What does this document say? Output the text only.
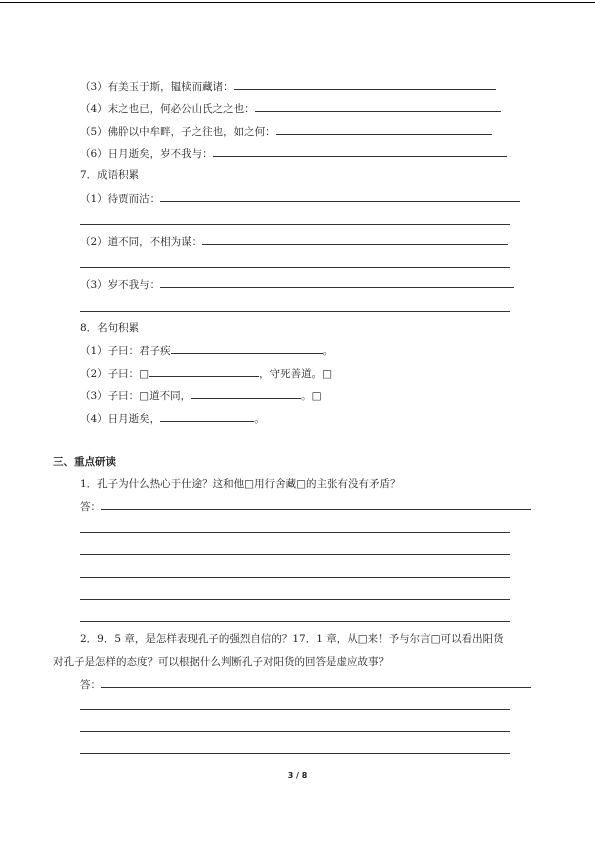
（3）有美玉于斯，韫椟而藏诸：
（4）末之也已，何必公山氏之之也：
（5）佛肸以中牟畔，子之往也，如之何：
（6）日月逝矣，岁不我与：
7．成语积累
（1）待贾而沽：
（2）道不同，不相为谋：
（3）岁不我与：
8．名句积累
（1）子曰：君子疾	。
（2）子曰：□	，守死善道。□
（3）子曰：□道不同，	。□
（4）日月逝矣，	。
三、重点研读
1．孔子为什么热心于仕途？这和他□用行舍藏□的主张有没有矛盾？
答：
2．9．5 章，是怎样表现孔子的强烈自信的？17．1 章，从□来！予与尔言□可以看出阳货
对孔子是怎样的态度？可以根据什么判断孔子对阳货的回答是虚应故事？
答：
3 / 8
